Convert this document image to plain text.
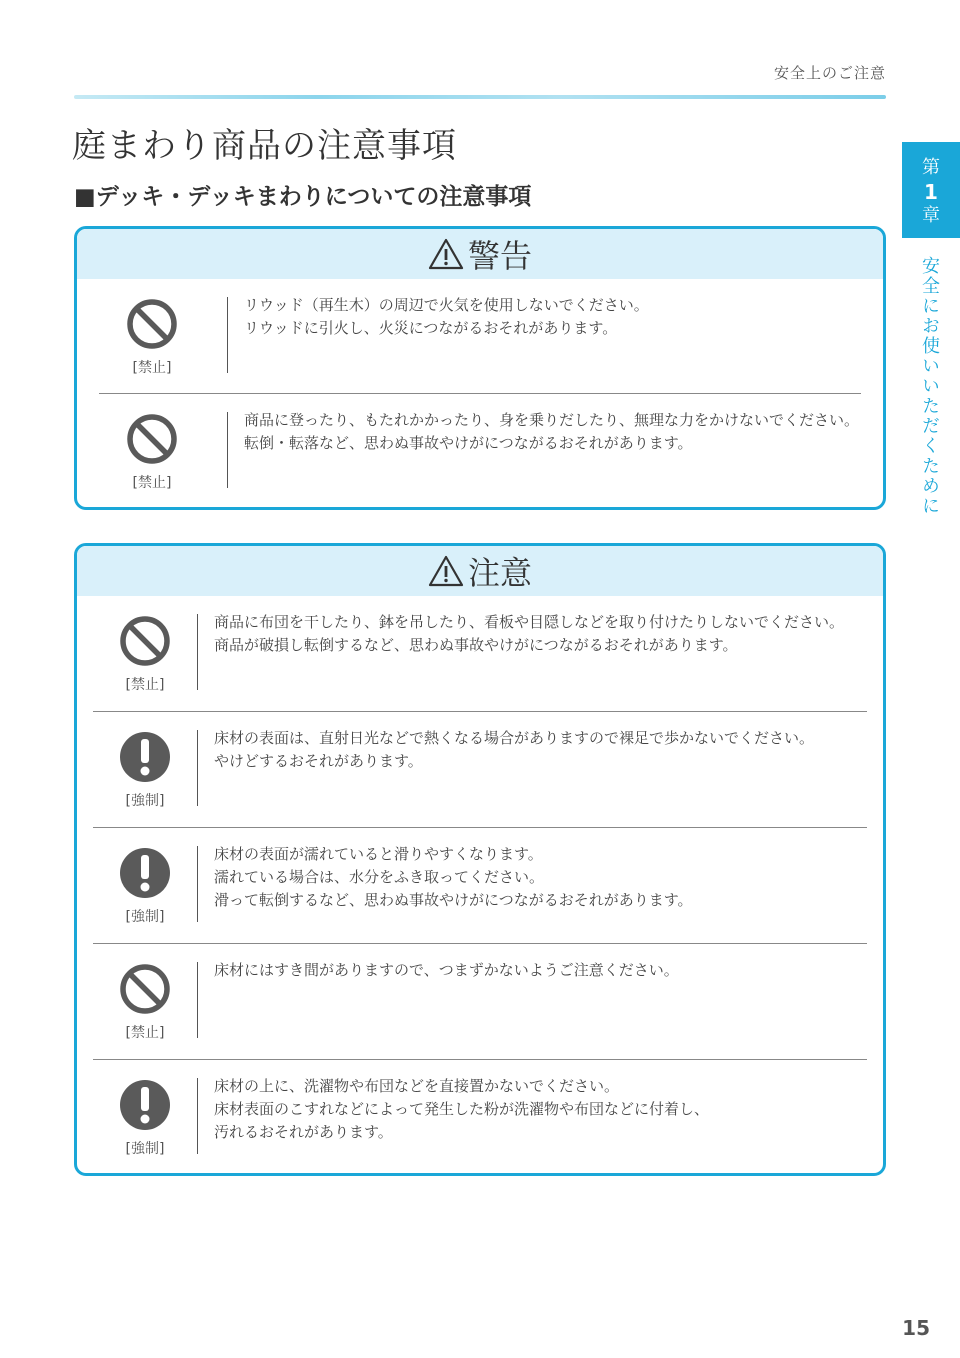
安全上のご注意
庭まわり商品の注意事項
■デッキ・デッキまわりについての注意事項
第
1
章
安全にお使いいただくために
警告
[禁止]
リウッド（再生木）の周辺で火気を使用しないでください。
リウッドに引火し、火災につながるおそれがあります。
[禁止]
商品に登ったり、もたれかかったり、身を乗りだしたり、無理な力をかけないでください。
転倒・転落など、思わぬ事故やけがにつながるおそれがあります。
注意
[禁止]
商品に布団を干したり、鉢を吊したり、看板や目隠しなどを取り付けたりしないでください。
商品が破損し転倒するなど、思わぬ事故やけがにつながるおそれがあります。
[強制]
床材の表面は、直射日光などで熱くなる場合がありますので裸足で歩かないでください。
やけどするおそれがあります。
[強制]
床材の表面が濡れていると滑りやすくなります。
濡れている場合は、水分をふき取ってください。
滑って転倒するなど、思わぬ事故やけがにつながるおそれがあります。
[禁止]
床材にはすき間がありますので、つまずかないようご注意ください。
[強制]
床材の上に、洗濯物や布団などを直接置かないでください。
床材表面のこすれなどによって発生した粉が洗濯物や布団などに付着し、
汚れるおそれがあります。
15
